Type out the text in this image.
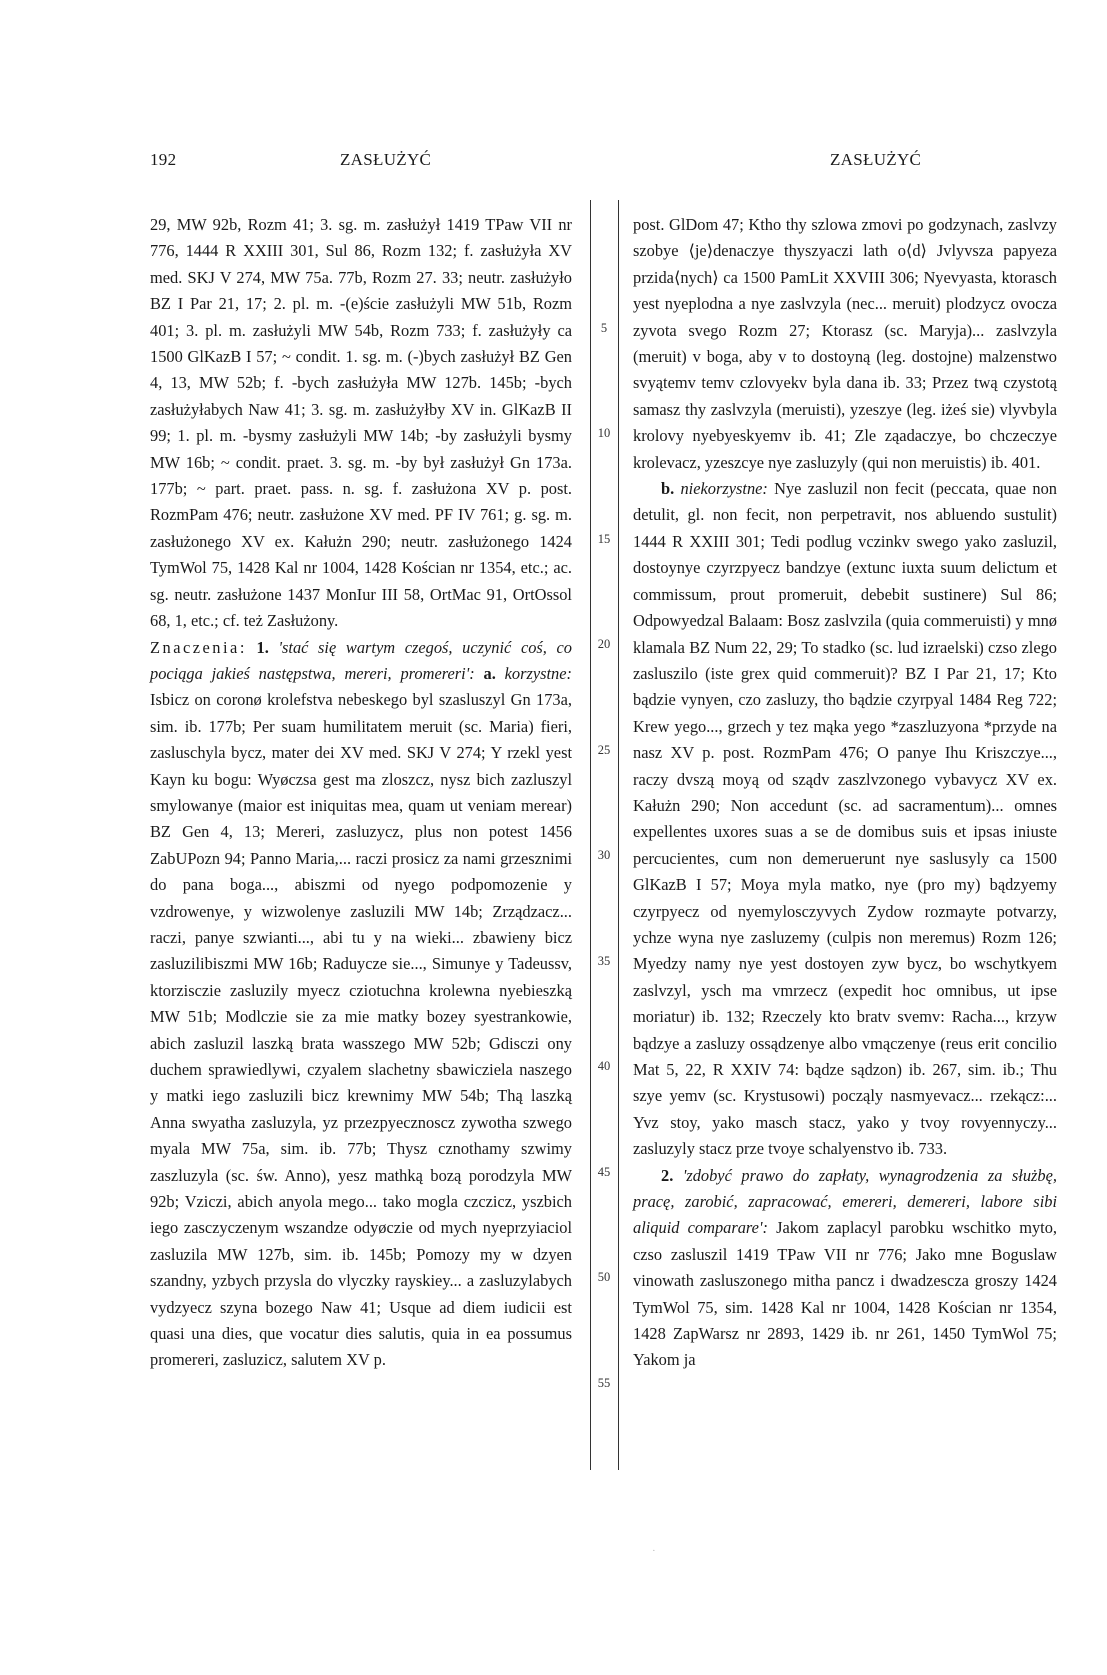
192	ZASŁUŻYĆ	ZASŁUŻYĆ
5
10
15
20
25
30
35
40
45
50
55

29, MW 92b, Rozm 41; 3. sg. m. zasłużył 1419 TPaw VII nr 776, 1444 R XXIII 301, Sul 86, Rozm 132; f. zasłużyła XV med. SKJ V 274, MW 75a. 77b, Rozm 27. 33; neutr. zasłużyło BZ I Par 21, 17; 2. pl. m. -(e)ście zasłużyli MW 51b, Rozm 401; 3. pl. m. zasłużyli MW 54b, Rozm 733; f. zasłużyły ca 1500 GlKazB I 57; ~ condit. 1. sg. m. (-)bych zasłużył BZ Gen 4, 13, MW 52b; f. -bych zasłużyła MW 127b. 145b; -bych zasłużyłabych Naw 41; 3. sg. m. zasłużyłby XV in. GlKazB II 99; 1. pl. m. -bysmy zasłużyli MW 14b; -by zasłużyli bysmy MW 16b; ~ condit. praet. 3. sg. m. -by był zasłużył Gn 173a. 177b; ~ part. praet. pass. n. sg. f. zasłużona XV p. post. RozmPam 476; neutr. zasłużone XV med. PF IV 761; g. sg. m. zasłużonego XV ex. Kałużn 290; neutr. zasłużonego 1424 TymWol 75, 1428 Kal nr 1004, 1428 Kościan nr 1354, etc.; ac. sg. neutr. zasłużone 1437 MonIur III 58, OrtMac 91, OrtOssol 68, 1, etc.; cf. też Zasłużony.

Znaczenia: 1. 'stać się wartym czegoś, uczynić coś, co pociąga jakieś następstwa, mereri, promereri': a. korzystne: Isbicz on coronø krolefstva nebeskego byl szasluszyl Gn 173a, sim. ib. 177b; Per suam humilitatem meruit (sc. Maria) fieri, zasluschyla bycz, mater dei XV med. SKJ V 274; Y rzekl yest Kayn ku bogu: Wyøczsa gest ma zloszcz, nysz bich zazluszyl smylowanye (maior est iniquitas mea, quam ut veniam merear) BZ Gen 4, 13; Mereri, zasluzycz, plus non potest 1456 ZabUPozn 94; Panno Maria,... raczi prosicz za nami grzesznimi do pana boga..., abiszmi od nyego podpomozenie y vzdrowenye, y wizwolenye zasluzili MW 14b; Zrządzacz... raczi, panye szwianti..., abi tu y na wieki... zbawieny bicz zasluzilibiszmi MW 16b; Raduycze sie..., Simunye y Tadeussv, ktorzisczie zasluzily myecz cziotuchna krolewna nyebieszką MW 51b; Modlczie sie za mie matky bozey syestrankowie, abich zasluzil laszką brata wasszego MW 52b; Gdisczi ony duchem sprawiedlywi, czyalem slachetny sbawicziela naszego y matki iego zasluzili bicz krewnimy MW 54b; Thą laszką Anna swyatha zasluzyla, yz przezpyecznoscz zywotha szwego myala MW 75a, sim. ib. 77b; Thysz cznothamy szwimy zaszluzyla (sc. św. Anno), yesz mathką bozą porodzyla MW 92b; Vziczi, abich anyola mego... tako mogla czczicz, yszbich iego zasczyczenym wszandze odyøczie od mych nyeprzyiaciol zasluzila MW 127b, sim. ib. 145b; Pomozy my w dzyen szandny, yzbych przysla do vlyczky rayskiey... a zasluzylabych vydzyecz szyna bozego Naw 41; Usque ad diem iudicii est quasi una dies, que vocatur dies salutis, quia in ea possumus promereri, zasluzicz, salutem XV p.

post. GlDom 47; Ktho thy szlowa zmovi po godzynach, zaslvzy szobye ⟨je⟩denaczye thyszyaczi lath o⟨d⟩ Jvlyvsza papyeza przida⟨nych⟩ ca 1500 PamLit XXVIII 306; Nyevyasta, ktorasch yest nyeplodna a nye zaslvzyla (nec... meruit) plodzycz ovocza zyvota svego Rozm 27; Ktorasz (sc. Maryja)... zaslvzyla (meruit) v boga, aby v to dostoyną (leg. dostojne) malzenstwo svyątemv temv czlovyekv byla dana ib. 33; Przez twą czystotą samasz thy zaslvzyla (meruisti), yzeszye (leg. iżeś sie) vlyvbyla krolovy nyebyeskyemv ib. 41; Zle ząadaczye, bo chczeczye krolevacz, yzeszcye nye zasluzyly (qui non meruistis) ib. 401.

b. niekorzystne: Nye zasluzil non fecit (peccata, quae non detulit, gl. non fecit, non perpetravit, nos abluendo sustulit) 1444 R XXIII 301; Tedi podlug vczinkv swego yako zasluzil, dostoynye czyrzpyecz bandzye (extunc iuxta suum delictum et commissum, prout promeruit, debebit sustinere) Sul 86; Odpowyedzal Balaam: Bosz zaslvzila (quia commeruisti) y mnø klamala BZ Num 22, 29; To stadko (sc. lud izraelski) czso zlego zasluszilo (iste grex quid commeruit)? BZ I Par 21, 17; Kto bądzie vynyen, czo zasluzy, tho bądzie czyrpyal 1484 Reg 722; Krew yego..., grzech y tez mąka yego *zaszluzyona *przyde na nasz XV p. post. RozmPam 476; O panye Ihu Kriszczye..., raczy dvszą moyą od sządv zaszlvzonego vybavycz XV ex. Kałużn 290; Non accedunt (sc. ad sacramentum)... omnes expellentes uxores suas a se de domibus suis et ipsas iniuste percucientes, cum non demeruerunt nye saslusyly ca 1500 GlKazB I 57; Moya myla matko, nye (pro my) bądzyemy czyrpyecz od nyemylosczyvych Zydow rozmayte potvarzy, ychze wyna nye zasluzemy (culpis non meremus) Rozm 126; Myedzy namy nye yest dostoyen zyw bycz, bo wschytkyem zaslvzyl, ysch ma vmrzecz (expedit hoc omnibus, ut ipse moriatur) ib. 132; Rzeczely kto bratv svemv: Racha..., krzyw bądzye a zasluzy ossądzenye albo vmączenye (reus erit concilio Mat 5, 22, R XXIV 74: bądze sądzon) ib. 267, sim. ib.; Thu szye yemv (sc. Krystusowi) począly nasmyevacz... rzekącz:... Yvz stoy, yako masch stacz, yako y tvoy rovyennyczy... zasluzyly stacz prze tvoye schalyenstvo ib. 733.

2. 'zdobyć prawo do zapłaty, wynagrodzenia za służbę, pracę, zarobić, zapracować, emereri, demereri, labore sibi aliquid comparare': Jakom zaplacyl parobku wschitko myto, czso zasluszil 1419 TPaw VII nr 776; Jako mne Boguslaw vinowath zasluszonego mitha pancz i dwadzescza groszy 1424 TymWol 75, sim. 1428 Kal nr 1004, 1428 Kościan nr 1354, 1428 ZapWarsz nr 2893, 1429 ib. nr 261, 1450 TymWol 75; Yakom ja

·
